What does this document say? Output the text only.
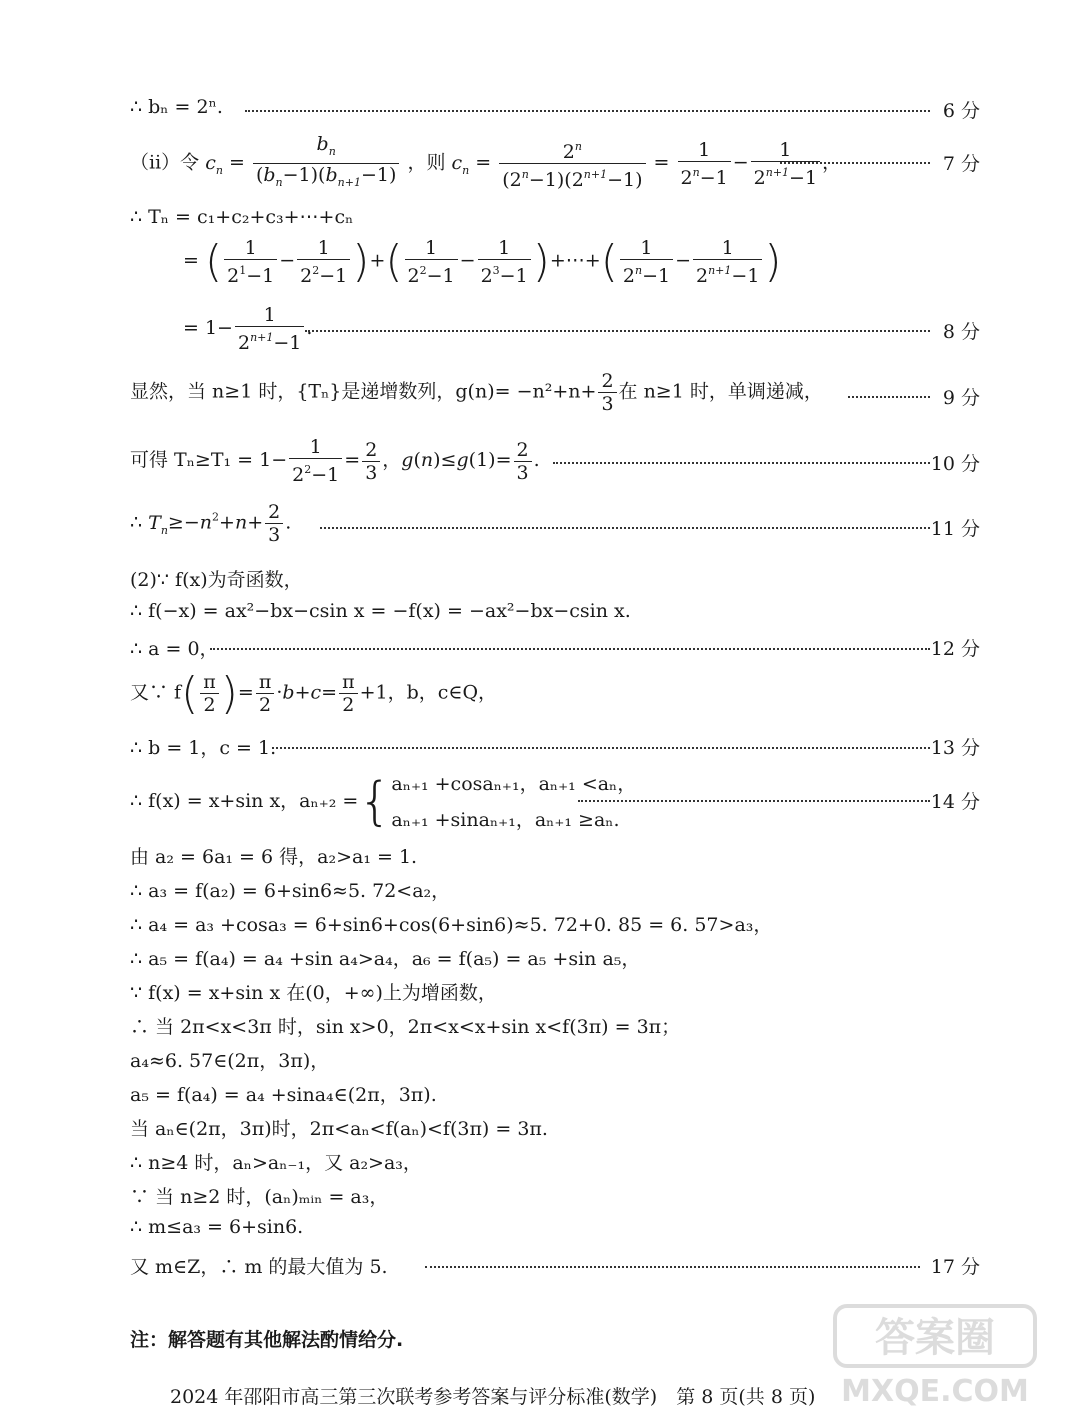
∴ bₙ = 2ⁿ.	6 分
（ⅱ）令 $c_n = \frac{b_n}{(b_n-1)(b_{n+1}-1)}$ ，则 $c_n = \frac{2^n}{(2^n-1)(2^{n+1}-1)} = \frac{1}{2^n-1} - \frac{1}{2^{n+1}-1}$ ，	7 分
∴ Tₙ = c₁+c₂+c₃+⋯+cₙ
= ( $\frac{1}{2^1-1} - \frac{1}{2^2-1}$ )+( $\frac{1}{2^2-1} - \frac{1}{2^3-1}$ )+⋯+( $\frac{1}{2^n-1} - \frac{1}{2^{n+1}-1}$ )
= $1- \frac{1}{2^{n+1}-1}$ .	8 分
显然，当 n≥1 时，{Tₙ}是递增数列，$g(n)= -n^2+n+ \frac{2}{3}$ 在 n≥1 时，单调递减，	9 分
可得 $T_n\ge T_1 = 1- \frac{1}{2^2-1} = \frac{2}{3}$ ，$g(n)\le g(1)= \frac{2}{3}$ .	10 分
∴ $T_n\ge-n^2+n+ \frac{2}{3}$ .	11 分
(2)∵ f(x)为奇函数，
∴ f(−x) = ax²−bx−csin x = −f(x) = −ax²−bx−csin x.
∴ a = 0，	12 分
又∵ $f( \frac{\pi}{2}$ )= $\frac{\pi}{2} \cdot b+c= \frac{\pi}{2} +1$，b，c∈Q，
∴ b = 1，c = 1.	13 分
∴ f(x) = x+sin x，aₙ₊₂ ={aₙ₊₁ +cosaₙ₊₁，aₙ₊₁ <aₙ，
aₙ₊₁ +sinaₙ₊₁，aₙ₊₁ ≥aₙ.
14 分
由 a₂ = 6a₁ = 6 得，a₂>a₁ = 1.
∴ a₃ = f(a₂) = 6+sin6≈5. 72<a₂，
∴ a₄ = a₃ +cosa₃ = 6+sin6+cos(6+sin6)≈5. 72+0. 85 = 6. 57>a₃，
∴ a₅ = f(a₄) = a₄ +sin a₄>a₄，a₆ = f(a₅) = a₅ +sin a₅，
∵ f(x) = x+sin x 在(0，+∞)上为增函数，
∴ 当 2π<x<3π 时，sin x>0，2π<x<x+sin x<f(3π) = 3π；
a₄≈6. 57∈(2π，3π)，
a₅ = f(a₄) = a₄ +sina₄∈(2π，3π).
当 aₙ∈(2π，3π)时，2π<aₙ<f(aₙ)<f(3π) = 3π.
∴ n≥4 时，aₙ>aₙ₋₁，又 a₂>a₃，
∵ 当 n≥2 时，(aₙ)ₘᵢₙ = a₃，
∴ m≤a₃ = 6+sin6.
又 m∈Z，∴ m 的最大值为 5.	17 分
注：解答题有其他解法酌情给分.
2024 年邵阳市高三第三次联考参考答案与评分标准(数学)　第 8 页(共 8 页)
答案圈
MXQE.COM
